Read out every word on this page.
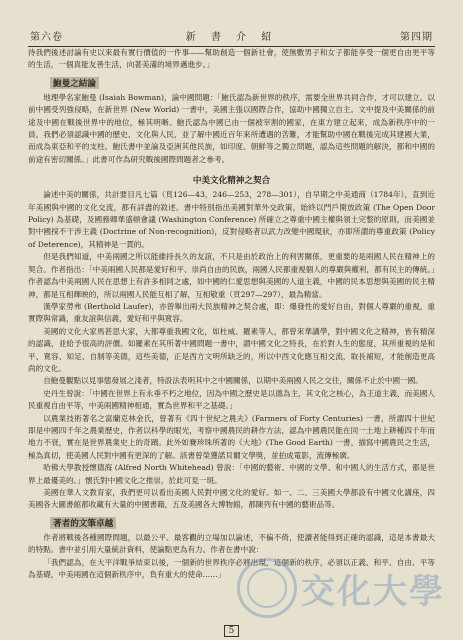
第六卷	新 書 介 紹	第四期

待我們後述討論有史以來最有實行價值的一件事——幫助創造一個新社會，使無數男子和女子都能享受一個更自由更平等的生活，一個真能友善生活，向著美滿的境界邁進步。」

鮑曼之結論

地理學名家鮑曼 (Isaiah Bowman)，論中國問題：「鮑氏認為新世界的秩序，需要全世界共同合作，才可以建立。以前中國受列強侵略，在新世界 (New World) 一書中，美國主張以國際合作，協助中國獨立自主。文中提及中美關係的前途及中國在戰後世界中的地位，極其明晰。鮑氏認為中國已由一個被宰割的國家，在東方建立起來，成為新秩序中的一員。我們必須認識中國的歷史、文化與人民，並了解中國近百年來所遭遇的苦難，才能幫助中國在戰後完成其建國大業，而成為東亞和平的支柱。鮑氏書中並論及亞洲其他民族，如印度、朝鮮等之獨立問題，認為這些問題的解決，都和中國的前途有密切關係。」此書可作為研究戰後國際問題者之參考。

中美文化精神之契合

論述中美的關係，共計要目凡七篇（頁126—43，246—253，278—301），自早期之中美通商（1784年），直到近年美國與中國的文化交流，都有詳盡的敘述。書中特別指出美國對華外交政策，始終以門戶開放政策 (The Open Door Policy) 為基礎，及國務卿華盛頓會議 (Washington Conference) 所確立之尊重中國主權與領土完整的原則，而美國並對中國採不干涉主義 (Doctrine of Non-recognition)，反對侵略者以武力改變中國現狀，亦即所謂的尊重政策 (Policy of Deterence)，其精神是一貫的。

但是我們知道，中美兩國之所以能維持長久的友誼，不只是由於政治上的利害關係，更重要的是兩國人民在精神上的契合。作者指出：「中美兩國人民都是愛好和平、崇尚自由的民族，兩國人民都重視個人的尊嚴與權利，都有民主的傳統。」作者認為中美兩國人民在思想上有許多相同之處，如中國的仁愛思想與美國的人道主義，中國的民本思想與美國的民主精神，都是互相輝映的，所以兩國人民能互相了解，互相敬重（頁297—297），最為精當。

漢學家勞弗 (Berthold Laufer)，亦曾舉出兩大民族精神之契合處，即：爆發性的愛好自由，對個人尊嚴的重視，重實際與常識，重友誼與信義，愛好和平與寬容。

美國的文化大家馬甚思大家，大都尊重我國文化，如杜威、羅素等人，都曾來華講學，對中國文化之精神，皆有精深的認識，並給予很高的評價。如羅素在其所著中國問題一書中，謂中國文化之特長，在於對人生的態度，其所重視的是和平、寬容、知足、自制等美德，這些美德，正是西方文明所缺乏的，所以中西文化應互相交流，取長補短，才能創造更高尚的文化。

自鮑曼觀點以見事態發展之淺者，特設法表明其中之中國關係，以期中美兩國人民之交往，關係不止於中國一國。

史丹生曾說：「中國在世界上有永垂不朽之地位，因為中國之歷史是以德為主，其文化之核心，為王道主義，而美國人民重視自由平等，中美兩國精神相通，實為世界和平之基礎。」

以農業技術著名之富蘭克林金氏，曾著有《四十世紀之農夫》(Farmers of Forty Centuries) 一書，所謂四十世紀即是中國四千年之農業歷史，作者以科學的眼光，考察中國農民的耕作方法，認為中國農民能在同一土地上耕種四千年而地力不衰，實在是世界農業史上的奇蹟。此外如賽珍珠所著的《大地》(The Good Earth) 一書，描寫中國農民之生活，極為真切，使美國人民對中國有更深的了解。該書曾榮獲諾貝爾文學獎，並拍成電影，流傳極廣。

哈佛大學教授懷德海 (Alfred North Whitehead) 曾說：「中國的藝術、中國的文學、和中國人的生活方式，都是世界上最優美的。」懷氏對中國文化之推崇，於此可見一斑。

美國在華人文教育家，我們更可以看出美國人民對中國文化的愛好。如一、二、三美國大學都設有中國文化講座，四美國各大圖書館都收藏有大量的中國書籍，五及美國各大博物館，都陳列有中國的藝術品等。

著者的文筆卓越

作者將戰後各種國際問題，以最公平、最客觀的立場加以論述，不偏不倚，使讀者能得到正確的認識，這是本書最大的特點。書中並引用大量統計資料，使論點更為有力。作者在書中說：

「我們認為，在大平洋戰爭結束以後，一個新的世界秩序必將出現，這個新的秩序，必須以正義、和平、自由、平等為基礎，中美兩國在這個新秩序中，負有重大的使命……」	交化大學
5
